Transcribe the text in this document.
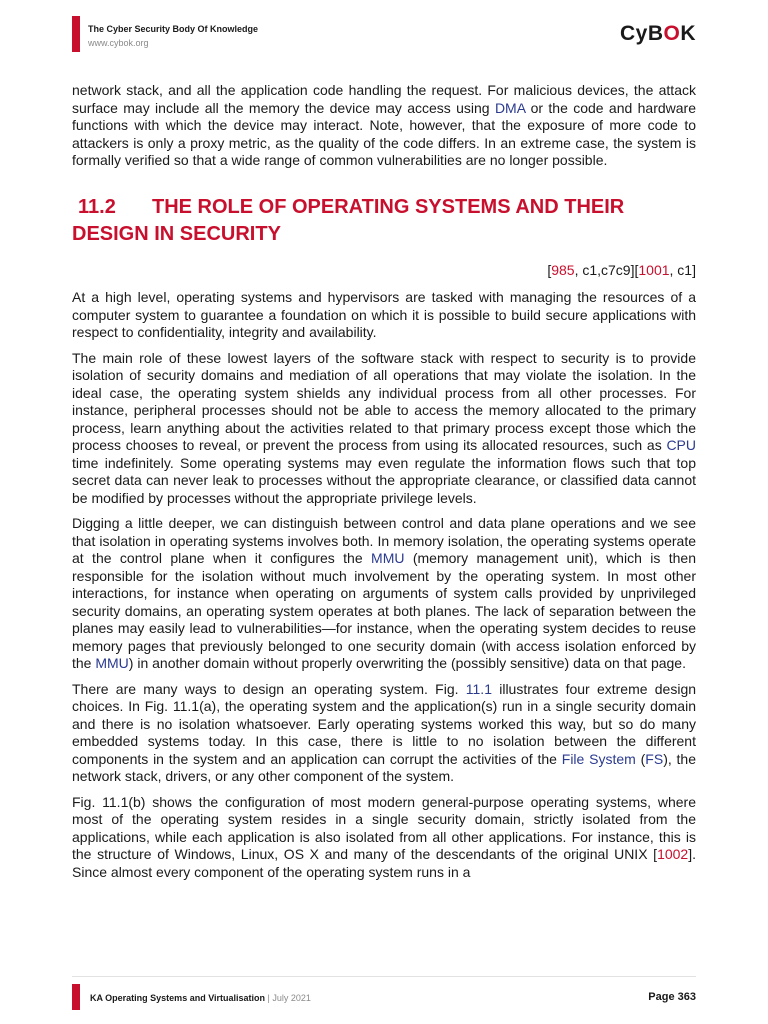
The Cyber Security Body Of Knowledge
www.cybok.org	CyBOK

network stack, and all the application code handling the request. For malicious devices, the attack surface may include all the memory the device may access using DMA or the code and hardware functions with which the device may interact. Note, however, that the exposure of more code to attackers is only a proxy metric, as the quality of the code differs. In an extreme case, the system is formally verified so that a wide range of common vulnerabilities are no longer possible.

11.2 THE ROLE OF OPERATING SYSTEMS AND THEIR DESIGN IN SECURITY
[985, c1,c7c9][1001, c1]

At a high level, operating systems and hypervisors are tasked with managing the resources of a computer system to guarantee a foundation on which it is possible to build secure applications with respect to confidentiality, integrity and availability.

The main role of these lowest layers of the software stack with respect to security is to provide isolation of security domains and mediation of all operations that may violate the isolation. In the ideal case, the operating system shields any individual process from all other processes. For instance, peripheral processes should not be able to access the memory allocated to the primary process, learn anything about the activities related to that primary process except those which the process chooses to reveal, or prevent the process from using its allocated resources, such as CPU time indefinitely. Some operating systems may even regulate the information flows such that top secret data can never leak to processes without the appropriate clearance, or classified data cannot be modified by processes without the appropriate privilege levels.

Digging a little deeper, we can distinguish between control and data plane operations and we see that isolation in operating systems involves both. In memory isolation, the operating systems operate at the control plane when it configures the MMU (memory management unit), which is then responsible for the isolation without much involvement by the operating system. In most other interactions, for instance when operating on arguments of system calls provided by unprivileged security domains, an operating system operates at both planes. The lack of separation between the planes may easily lead to vulnerabilities—for instance, when the operating system decides to reuse memory pages that previously belonged to one security domain (with access isolation enforced by the MMU) in another domain without properly overwriting the (possibly sensitive) data on that page.

There are many ways to design an operating system. Fig. 11.1 illustrates four extreme design choices. In Fig. 11.1(a), the operating system and the application(s) run in a single security domain and there is no isolation whatsoever. Early operating systems worked this way, but so do many embedded systems today. In this case, there is little to no isolation between the different components in the system and an application can corrupt the activities of the File System (FS), the network stack, drivers, or any other component of the system.

Fig. 11.1(b) shows the configuration of most modern general-purpose operating systems, where most of the operating system resides in a single security domain, strictly isolated from the applications, while each application is also isolated from all other applications. For instance, this is the structure of Windows, Linux, OS X and many of the descendants of the original UNIX [1002]. Since almost every component of the operating system runs in a

KA Operating Systems and Virtualisation | July 2021	Page 363
